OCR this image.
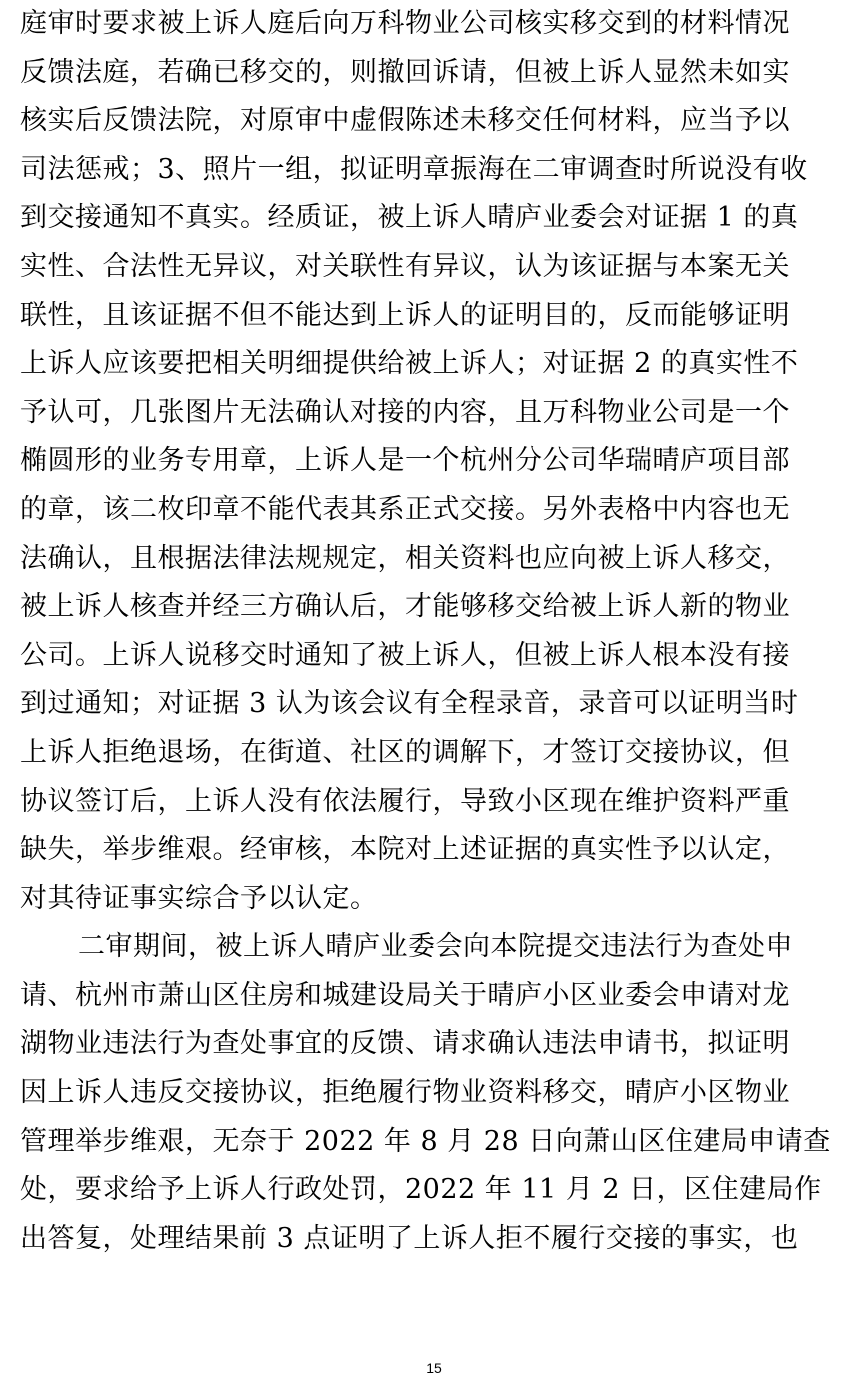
庭审时要求被上诉人庭后向万科物业公司核实移交到的材料情况
反馈法庭，若确已移交的，则撤回诉请，但被上诉人显然未如实
核实后反馈法院，对原审中虚假陈述未移交任何材料，应当予以
司法惩戒；3、照片一组，拟证明章振海在二审调查时所说没有收
到交接通知不真实。经质证，被上诉人晴庐业委会对证据 1 的真
实性、合法性无异议，对关联性有异议，认为该证据与本案无关
联性，且该证据不但不能达到上诉人的证明目的，反而能够证明
上诉人应该要把相关明细提供给被上诉人；对证据 2 的真实性不
予认可，几张图片无法确认对接的内容，且万科物业公司是一个
椭圆形的业务专用章，上诉人是一个杭州分公司华瑞晴庐项目部
的章，该二枚印章不能代表其系正式交接。另外表格中内容也无
法确认，且根据法律法规规定，相关资料也应向被上诉人移交，
被上诉人核查并经三方确认后，才能够移交给被上诉人新的物业
公司。上诉人说移交时通知了被上诉人，但被上诉人根本没有接
到过通知；对证据 3 认为该会议有全程录音，录音可以证明当时
上诉人拒绝退场，在街道、社区的调解下，才签订交接协议，但
协议签订后，上诉人没有依法履行，导致小区现在维护资料严重
缺失，举步维艰。经审核，本院对上述证据的真实性予以认定，
对其待证事实综合予以认定。
二审期间，被上诉人晴庐业委会向本院提交违法行为查处申
请、杭州市萧山区住房和城建设局关于晴庐小区业委会申请对龙
湖物业违法行为查处事宜的反馈、请求确认违法申请书，拟证明
因上诉人违反交接协议，拒绝履行物业资料移交，晴庐小区物业
管理举步维艰，无奈于 2022 年 8 月 28 日向萧山区住建局申请查
处，要求给予上诉人行政处罚，2022 年 11 月 2 日，区住建局作
出答复，处理结果前 3 点证明了上诉人拒不履行交接的事实，也
15
